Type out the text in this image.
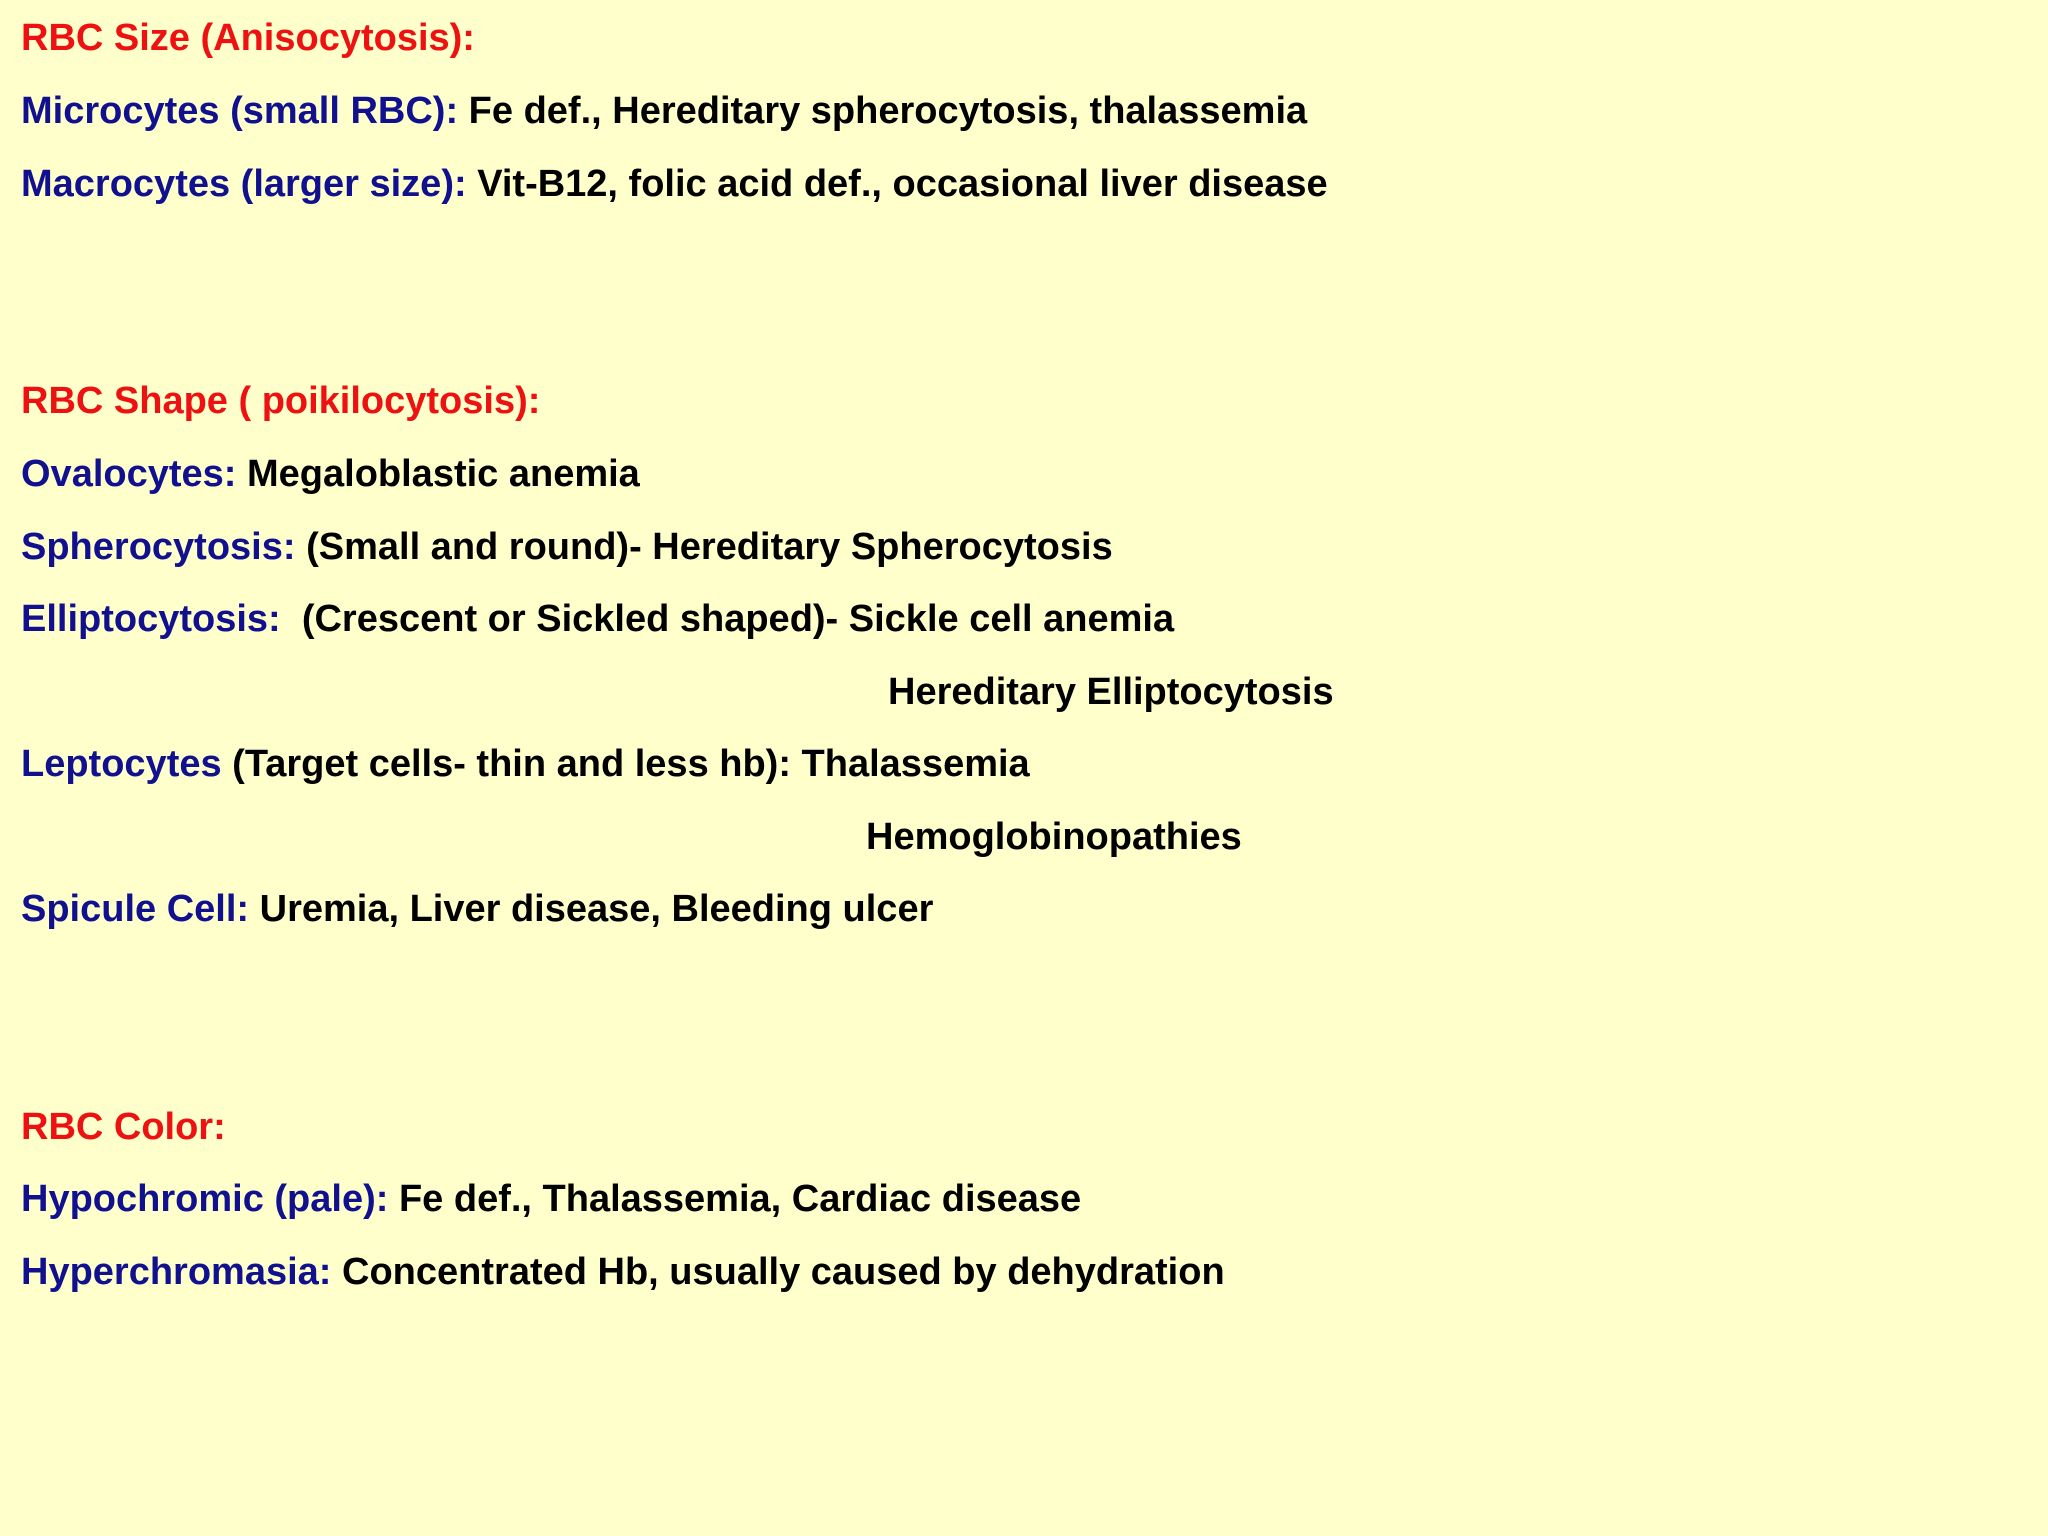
RBC Size (Anisocytosis):
Microcytes (small RBC): Fe def., Hereditary spherocytosis, thalassemia
Macrocytes (larger size): Vit-B12, folic acid def., occasional liver disease
RBC Shape ( poikilocytosis):
Ovalocytes: Megaloblastic anemia
Spherocytosis: (Small and round)- Hereditary Spherocytosis
Elliptocytosis:  (Crescent or Sickled shaped)- Sickle cell anemia
Hereditary Elliptocytosis
Leptocytes (Target cells- thin and less hb): Thalassemia
Hemoglobinopathies
Spicule Cell: Uremia, Liver disease, Bleeding ulcer
RBC Color:
Hypochromic (pale): Fe def., Thalassemia, Cardiac disease
Hyperchromasia: Concentrated Hb, usually caused by dehydration
